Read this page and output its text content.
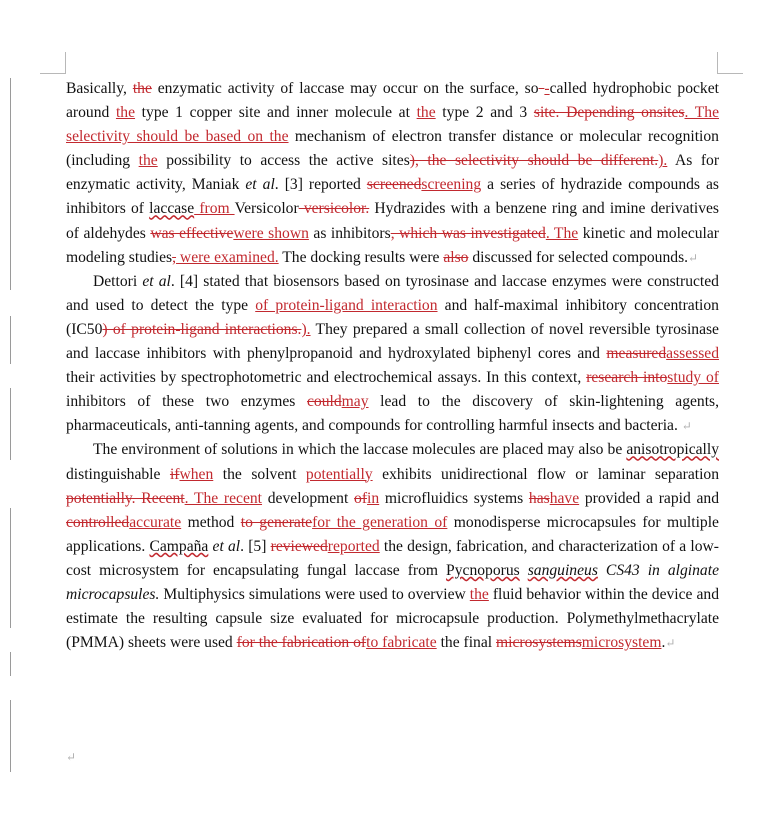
Basically, the enzymatic activity of laccase may occur on the surface, so -called hydrophobic pocket around the type 1 copper site and inner molecule at the type 2 and 3 site. Depending onsites. The selectivity should be based on the mechanism of electron transfer distance or molecular recognition (including the possibility to access the active sites), the selectivity should be different.). As for enzymatic activity, Maniak et al. [3] reported screenedscreening a series of hydrazide compounds as inhibitors of laccase from Versicolor versicolor. Hydrazides with a benzene ring and imine derivatives of aldehydes was effectivewere shown as inhibitors, which was investigated. The kinetic and molecular modeling studies, were examined. The docking results were also discussed for selected compounds.↵

Dettori et al. [4] stated that biosensors based on tyrosinase and laccase enzymes were constructed and used to detect the type of protein-ligand interaction and half-maximal inhibitory concentration (IC50) of protein-ligand interactions.). They prepared a small collection of novel reversible tyrosinase and laccase inhibitors with phenylpropanoid and hydroxylated biphenyl cores and measuredassessed their activities by spectrophotometric and electrochemical assays. In this context, research intostudy of inhibitors of these two enzymes couldmay lead to the discovery of skin-lightening agents, pharmaceuticals, anti-tanning agents, and compounds for controlling harmful insects and bacteria. ↵

The environment of solutions in which the laccase molecules are placed may also be anisotropically distinguishable ifwhen the solvent potentially exhibits unidirectional flow or laminar separation potentially. Recent. The recent development ofin microfluidics systems hashave provided a rapid and controlledaccurate method to generatefor the generation of monodisperse microcapsules for multiple applications. Campaña et al. [5] reviewedreported the design, fabrication, and characterization of a low-cost microsystem for encapsulating fungal laccase from Pycnoporus sanguineus CS43 in alginate microcapsules. Multiphysics simulations were used to overview the fluid behavior within the device and estimate the resulting capsule size evaluated for microcapsule production. Polymethylmethacrylate (PMMA) sheets were used for the fabrication ofto fabricate the final microsystemsmicrosystem.↵

↵
